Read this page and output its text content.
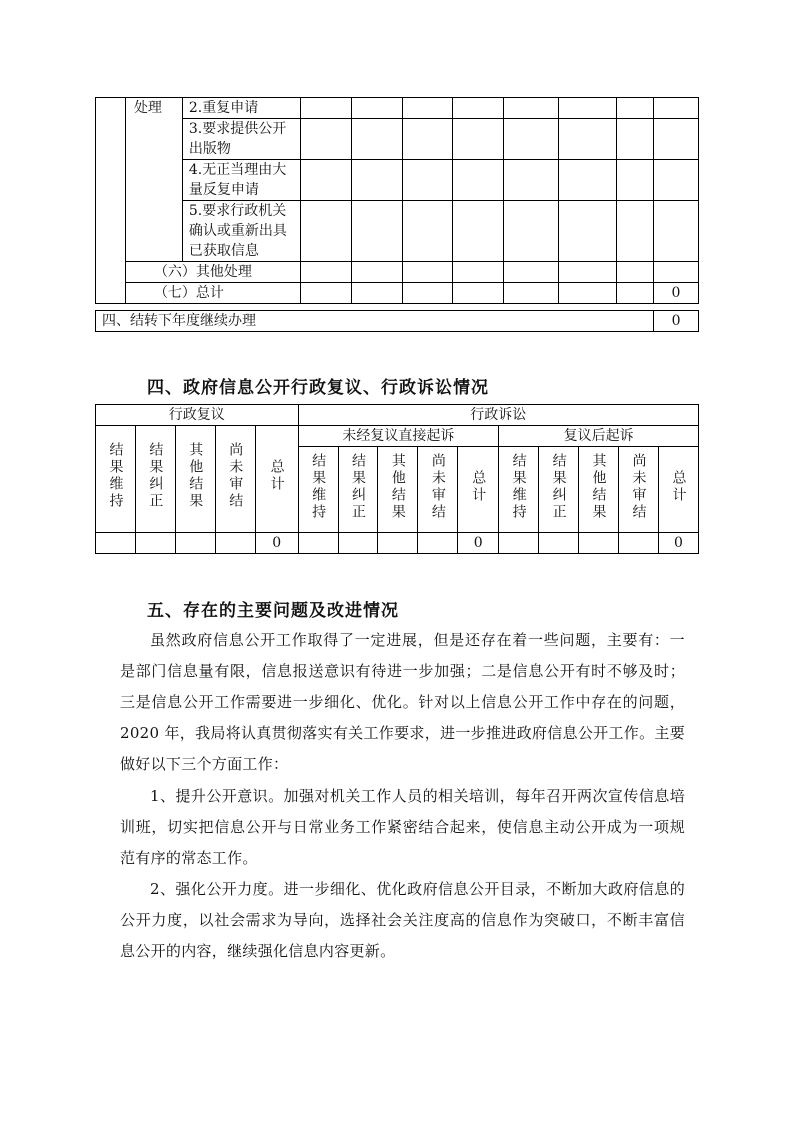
	处理	2.重复申请								
		3.要求提供公开出版物								
		4.无正当理由大量反复申请								
		5.要求行政机关确认或重新出具已获取信息								
	（六）其他处理									
	（七）总计									0
四、结转下年度继续办理	0
四、政府信息公开行政复议、行政诉讼情况
行政复议					行政诉讼									
结果维持	结果纠正	其他结果	尚未审结	总计	未经复议直接起诉					复议后起诉				
					结果维持	结果纠正	其他结果	尚未审结	总计	结果维持	结果纠正	其他结果	尚未审结	总计
				0					0					0
五、存在的主要问题及改进情况

虽然政府信息公开工作取得了一定进展，但是还存在着一些问题，主要有：一是部门信息量有限，信息报送意识有待进一步加强；二是信息公开有时不够及时；三是信息公开工作需要进一步细化、优化。针对以上信息公开工作中存在的问题，2020 年，我局将认真贯彻落实有关工作要求，进一步推进政府信息公开工作。主要做好以下三个方面工作：

1、提升公开意识。加强对机关工作人员的相关培训，每年召开两次宣传信息培训班，切实把信息公开与日常业务工作紧密结合起来，使信息主动公开成为一项规范有序的常态工作。

2、强化公开力度。进一步细化、优化政府信息公开目录，不断加大政府信息的公开力度，以社会需求为导向，选择社会关注度高的信息作为突破口，不断丰富信息公开的内容，继续强化信息内容更新。
